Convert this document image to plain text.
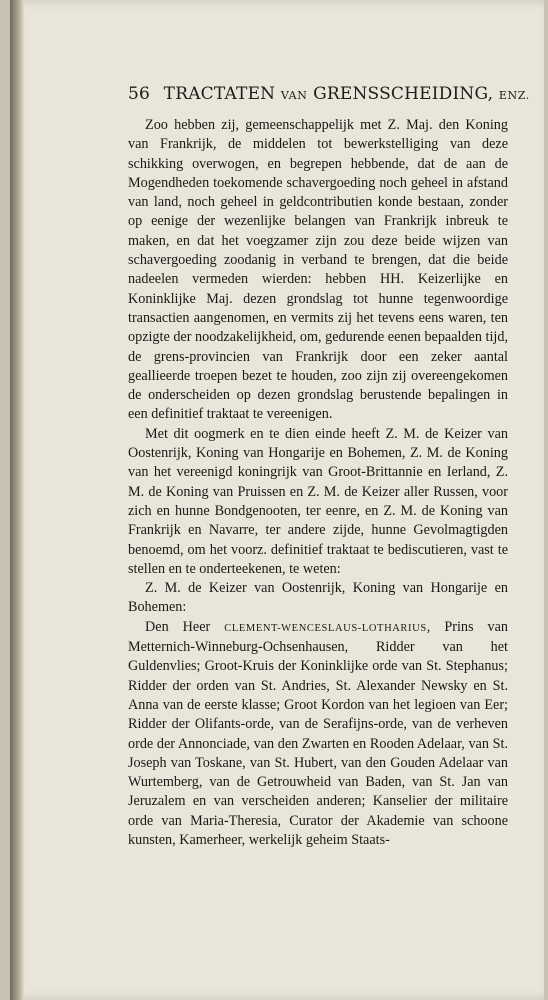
56 TRACTATEN VAN GRENSSCHEIDING, ENZ.

Zoo hebben zij, gemeenschappelijk met Z. Maj. den Koning van Frankrijk, de middelen tot bewerkstelliging van deze schikking overwogen, en begrepen hebbende, dat de aan de Mogendheden toekomende schavergoeding noch geheel in afstand van land, noch geheel in geldcontributien konde bestaan, zonder op eenige der wezenlijke belangen van Frankrijk inbreuk te maken, en dat het voegzamer zijn zou deze beide wijzen van schavergoeding zoodanig in verband te brengen, dat die beide nadeelen vermeden wierden: hebben HH. Keizerlijke en Koninklijke Maj. dezen grondslag tot hunne tegenwoordige transactien aangenomen, en vermits zij het tevens eens waren, ten opzigte der noodzakelijkheid, om, gedurende eenen bepaalden tijd, de grens-provincien van Frankrijk door een zeker aantal geallieerde troepen bezet te houden, zoo zijn zij overeengekomen de onderscheiden op dezen grondslag berustende bepalingen in een definitief traktaat te vereenigen.

Met dit oogmerk en te dien einde heeft Z. M. de Keizer van Oostenrijk, Koning van Hongarije en Bohemen, Z. M. de Koning van het vereenigd koningrijk van Groot-Brittannie en Ierland, Z. M. de Koning van Pruissen en Z. M. de Keizer aller Russen, voor zich en hunne Bondgenooten, ter eenre, en Z. M. de Koning van Frankrijk en Navarre, ter andere zijde, hunne Gevolmagtigden benoemd, om het voorz. definitief traktaat te bediscutieren, vast te stellen en te onderteekenen, te weten:

Z. M. de Keizer van Oostenrijk, Koning van Hongarije en Bohemen:

Den Heer CLEMENT-WENCESLAUS-LOTHARIUS, Prins van Metternich-Winneburg-Ochsenhausen, Ridder van het Guldenvlies; Groot-Kruis der Koninklijke orde van St. Stephanus; Ridder der orden van St. Andries, St. Alexander Newsky en St. Anna van de eerste klasse; Groot Kordon van het legioen van Eer; Ridder der Olifants-orde, van de Serafijns-orde, van de verheven orde der Annonciade, van den Zwarten en Rooden Adelaar, van St. Joseph van Toskane, van St. Hubert, van den Gouden Adelaar van Wurtemberg, van de Getrouwheid van Baden, van St. Jan van Jeruzalem en van verscheiden anderen; Kanselier der militaire orde van Maria-Theresia, Curator der Akademie van schoone kunsten, Kamerheer, werkelijk geheim Staats-
